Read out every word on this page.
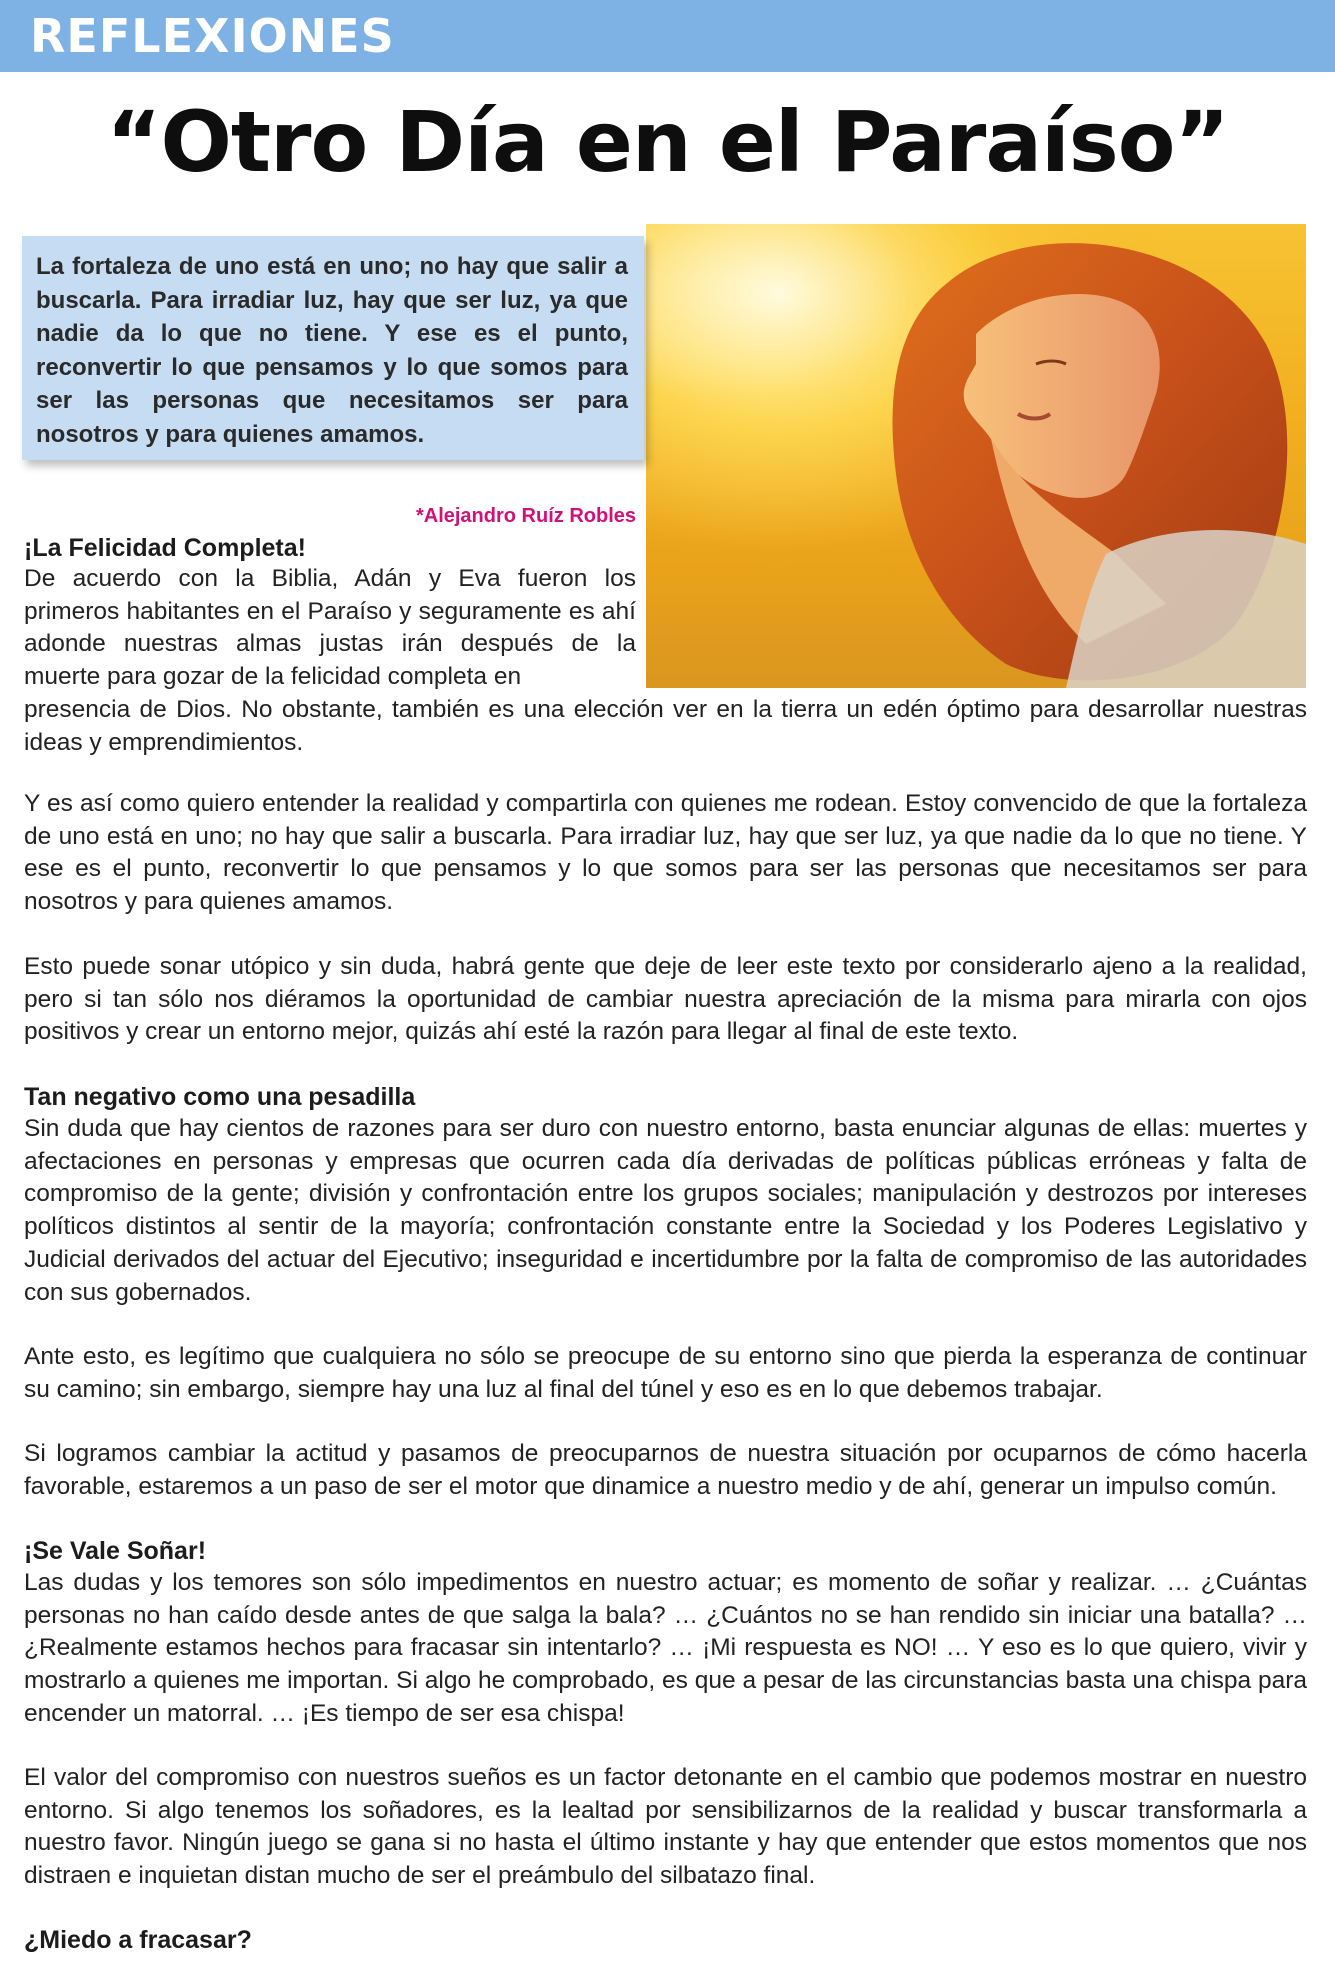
REFLEXIONES
“Otro Día en el Paraíso”
La fortaleza de uno está en uno; no hay que salir a buscarla. Para irradiar luz, hay que ser luz, ya que nadie da lo que no tiene. Y ese es el punto, reconvertir lo que pensamos y lo que somos para ser las personas que necesitamos ser para nosotros y para quienes amamos.
*Alejandro Ruíz Robles
¡La Felicidad Completa!
De acuerdo con la Biblia, Adán y Eva fueron los primeros habitantes en el Paraíso y seguramente es ahí adonde nuestras almas justas irán después de la muerte para gozar de la felicidad completa en
presencia de Dios. No obstante, también es una elección ver en la tierra un edén óptimo para desarrollar nuestras ideas y emprendimientos.
Y es así como quiero entender la realidad y compartirla con quienes me rodean. Estoy convencido de que la fortaleza de uno está en uno; no hay que salir a buscarla. Para irradiar luz, hay que ser luz, ya que nadie da lo que no tiene. Y ese es el punto, reconvertir lo que pensamos y lo que somos para ser las personas que necesitamos ser para nosotros y para quienes amamos.
Esto puede sonar utópico y sin duda, habrá gente que deje de leer este texto por considerarlo ajeno a la realidad, pero si tan sólo nos diéramos la oportunidad de cambiar nuestra apreciación de la misma para mirarla con ojos positivos y crear un entorno mejor, quizás ahí esté la razón para llegar al final de este texto.
Tan negativo como una pesadilla
Sin duda que hay cientos de razones para ser duro con nuestro entorno, basta enunciar algunas de ellas: muertes y afectaciones en personas y empresas que ocurren cada día derivadas de políticas públicas erróneas y falta de compromiso de la gente; división y confrontación entre los grupos sociales; manipulación y destrozos por intereses políticos distintos al sentir de la mayoría; confrontación constante entre la Sociedad y los Poderes Legislativo y Judicial derivados del actuar del Ejecutivo; inseguridad e incertidumbre por la falta de compromiso de las autoridades con sus gobernados.
Ante esto, es legítimo que cualquiera no sólo se preocupe de su entorno sino que pierda la esperanza de continuar su camino; sin embargo, siempre hay una luz al final del túnel y eso es en lo que debemos trabajar.
Si logramos cambiar la actitud y pasamos de preocuparnos de nuestra situación por ocuparnos de cómo hacerla favorable, estaremos a un paso de ser el motor que dinamice a nuestro medio y de ahí, generar un impulso común.
¡Se Vale Soñar!
Las dudas y los temores son sólo impedimentos en nuestro actuar; es momento de soñar y realizar. … ¿Cuántas personas no han caído desde antes de que salga la bala? … ¿Cuántos no se han rendido sin iniciar una batalla? … ¿Realmente estamos hechos para fracasar sin intentarlo? … ¡Mi respuesta es NO! … Y eso es lo que quiero, vivir y mostrarlo a quienes me importan. Si algo he comprobado, es que a pesar de las circunstancias basta una chispa para encender un matorral. … ¡Es tiempo de ser esa chispa!
El valor del compromiso con nuestros sueños es un factor detonante en el cambio que podemos mostrar en nuestro entorno. Si algo tenemos los soñadores, es la lealtad por sensibilizarnos de la realidad y buscar transformarla a nuestro favor. Ningún juego se gana si no hasta el último instante y hay que entender que estos momentos que nos distraen e inquietan distan mucho de ser el preámbulo del silbatazo final.
¿Miedo a fracasar?
